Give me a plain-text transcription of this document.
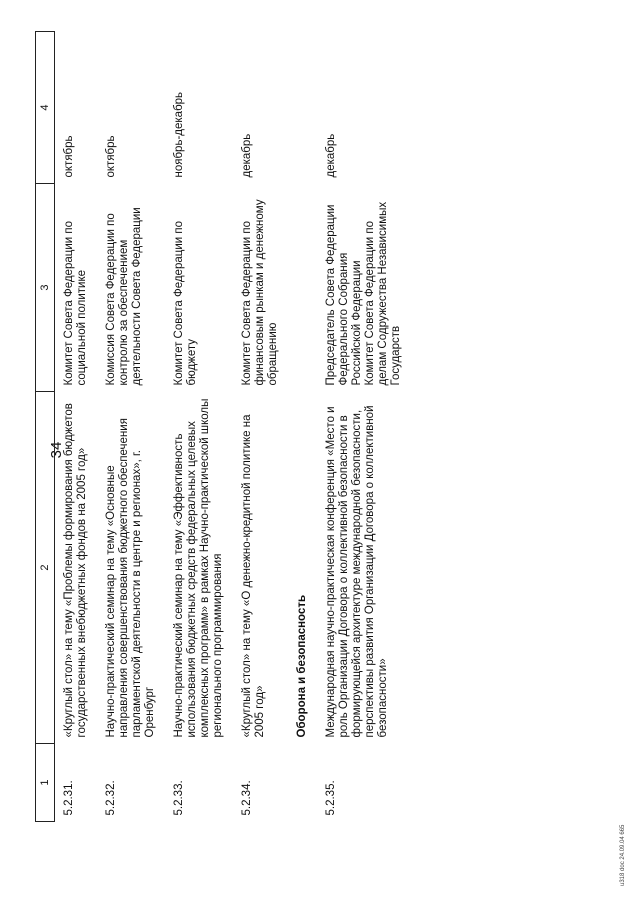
34
1	2	3	4
5.2.31.	«Круглый стол» на тему «Проблемы формирования бюджетов государственных внебюджетных фондов на 2005 год»	Комитет Совета Федерации по социальной политике	октябрь
5.2.32.	Научно-практический семинар на тему «Основные направления совершенствования бюджетного обеспечения парламентской деятельности в центре и регионах», г. Оренбург	Комиссия Совета Федерации по контролю за обеспечением деятельности Совета Федерации	октябрь
5.2.33.	Научно-практический семинар на тему «Эффективность использования бюджетных средств федеральных целевых комплексных программ» в рамках Научно-практической школы регионального программирования	Комитет Совета Федерации по бюджету	ноябрь-декабрь
5.2.34.	«Круглый стол» на тему «О денежно-кредитной политике на 2005 год»	Комитет Совета Федерации по финансовым рынкам и денежному обращению	декабрь
	Оборона и безопасность		
5.2.35.	Международная научно-практическая конференция «Место и роль Организации Договора о коллективной безопасности в формирующейся архитектуре международной безопасности, перспективы развития Организации Договора о коллективной безопасности»	Председатель Совета Федерации Федерального Собрания Российской Федерации Комитет Совета Федерации по делам Содружества Независимых Государств	декабрь
u318 doc 24.09.04 665
